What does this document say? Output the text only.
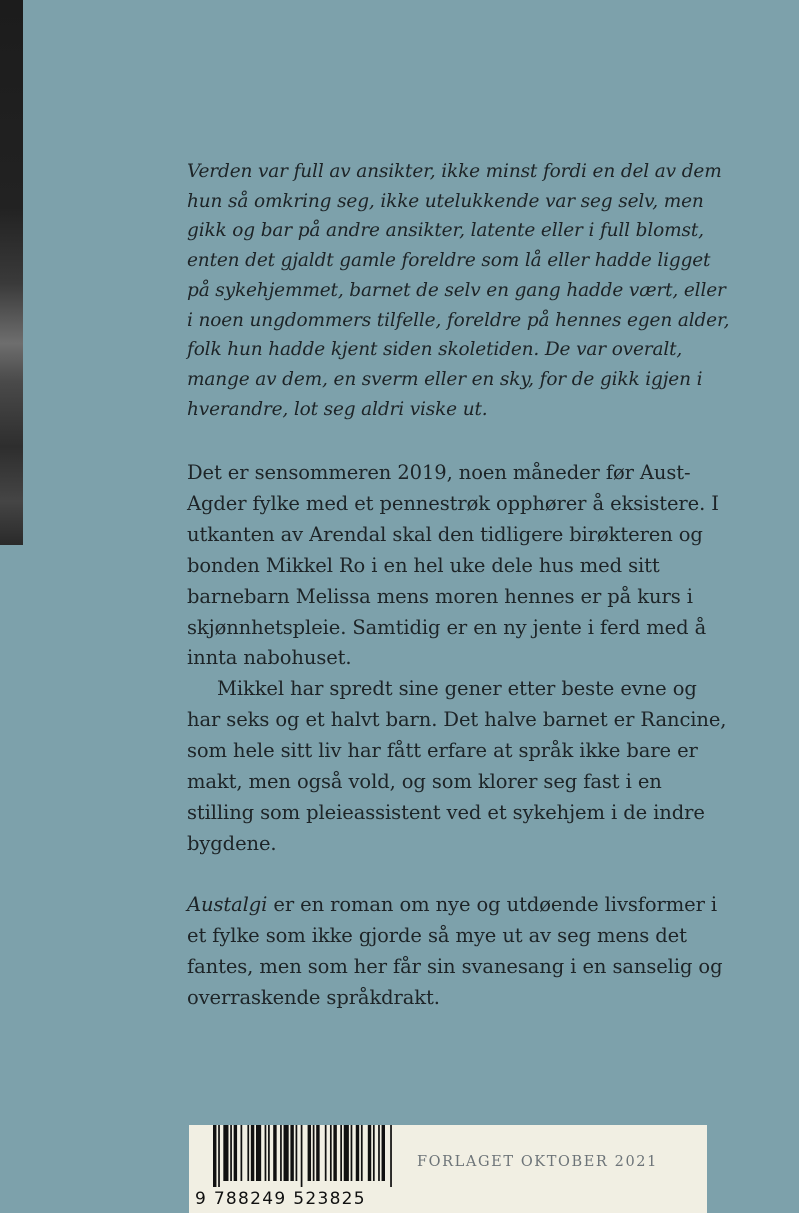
Verden var full av ansikter, ikke minst fordi en del av dem hun så omkring seg, ikke utelukkende var seg selv, men gikk og bar på andre ansikter, latente eller i full blomst, enten det gjaldt gamle foreldre som lå eller hadde ligget på sykehjemmet, barnet de selv en gang hadde vært, eller i noen ungdommers tilfelle, foreldre på hennes egen alder, folk hun hadde kjent siden skoletiden. De var overalt, mange av dem, en sverm eller en sky, for de gikk igjen i hverandre, lot seg aldri viske ut.

Det er sensommeren 2019, noen måneder før Aust-Agder fylke med et pennestrøk opphører å eksistere. I utkanten av Arendal skal den tidligere birøkteren og bonden Mikkel Ro i en hel uke dele hus med sitt barnebarn Melissa mens moren hennes er på kurs i skjønnhetspleie. Samtidig er en ny jente i ferd med å innta nabohuset.

Mikkel har spredt sine gener etter beste evne og har seks og et halvt barn. Det halve barnet er Rancine, som hele sitt liv har fått erfare at språk ikke bare er makt, men også vold, og som klorer seg fast i en stilling som pleieassistent ved et sykehjem i de indre bygdene.

Austalgi er en roman om nye og utdøende livsformer i et fylke som ikke gjorde så mye ut av seg mens det fantes, men som her får sin svanesang i en sanselig og overraskende språkdrakt.

9 788249 523825
FORLAGET OKTOBER 2021
